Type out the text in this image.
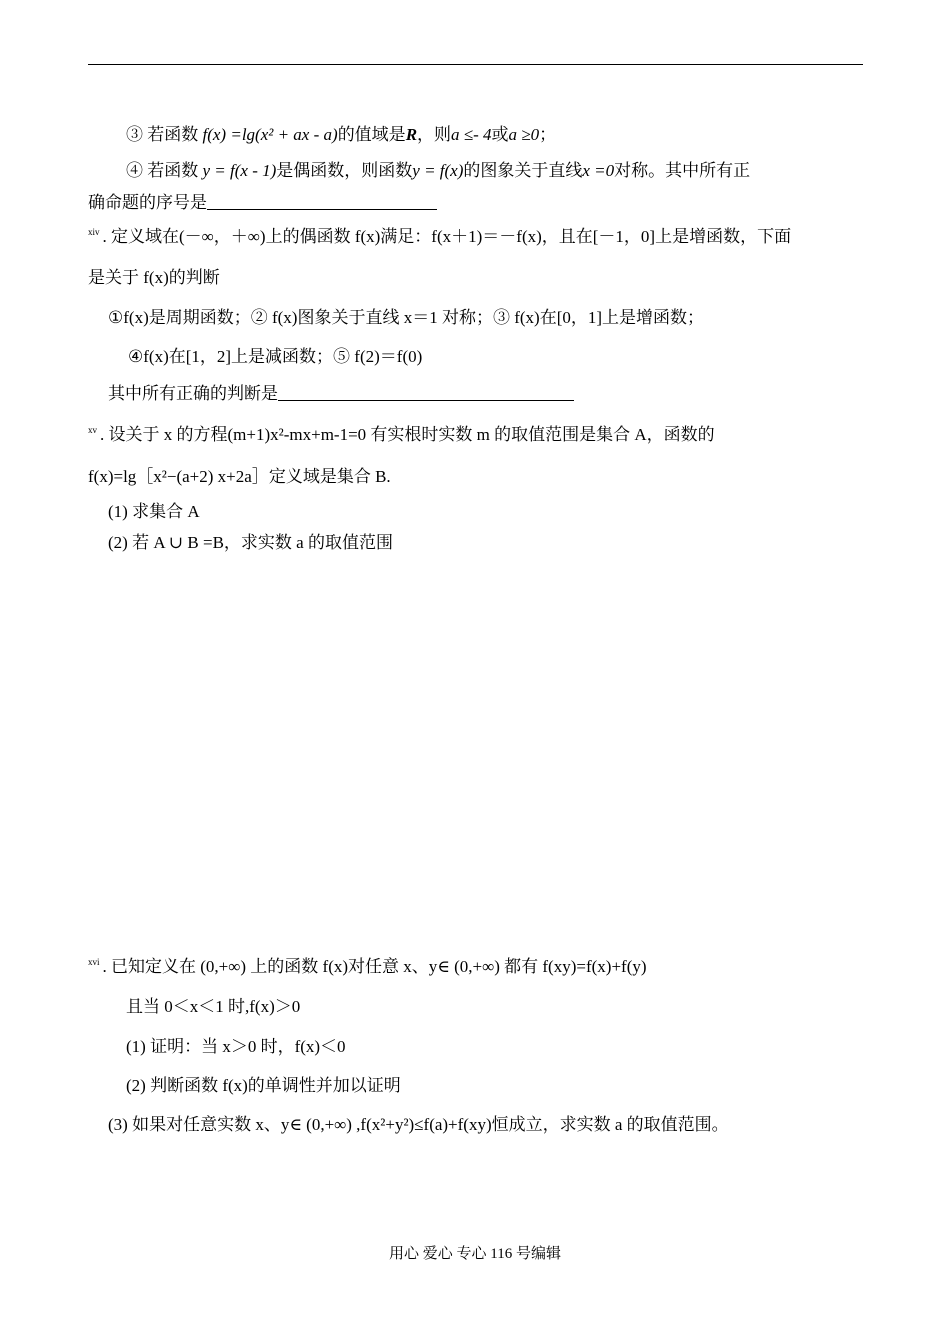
③ 若函数 f(x) =lg(x² + ax - a)的值域是R，则a ≤- 4或a ≥0；
④ 若函数 y = f(x - 1)是偶函数，则函数y = f(x)的图象关于直线x =0对称。其中所有正
确命题的序号是
$^{xiv}$ . 定义域在(－∞，＋∞)上的偶函数 f(x)满足：f(x＋1)＝－f(x)，且在[－1，0]上是增函数，下面
是关于 f(x)的判断
①f(x)是周期函数；② f(x)图象关于直线 x＝1 对称；③ f(x)在[0，1]上是增函数；
④f(x)在[1，2]上是减函数；⑤ f(2)＝f(0)
其中所有正确的判断是
$^{xv}$ . 设关于 x 的方程(m+1)x²-mx+m-1=0 有实根时实数 m 的取值范围是集合 A，函数的
f(x)=lg［x²−(a+2) x+2a］定义域是集合 B.
(1) 求集合 A
(2) 若 A ∪ B =B，求实数 a 的取值范围
$^{xvi}$ . 已知定义在 (0,+∞) 上的函数 f(x)对任意 x、y∈ (0,+∞) 都有 f(xy)=f(x)+f(y)
且当 0＜x＜1 时,f(x)＞0
(1) 证明：当 x＞0 时，f(x)＜0
(2) 判断函数 f(x)的单调性并加以证明
(3) 如果对任意实数 x、y∈ (0,+∞) ,f(x²+y²)≤f(a)+f(xy)恒成立，求实数 a 的取值范围。
用心 爱心 专心 116 号编辑
